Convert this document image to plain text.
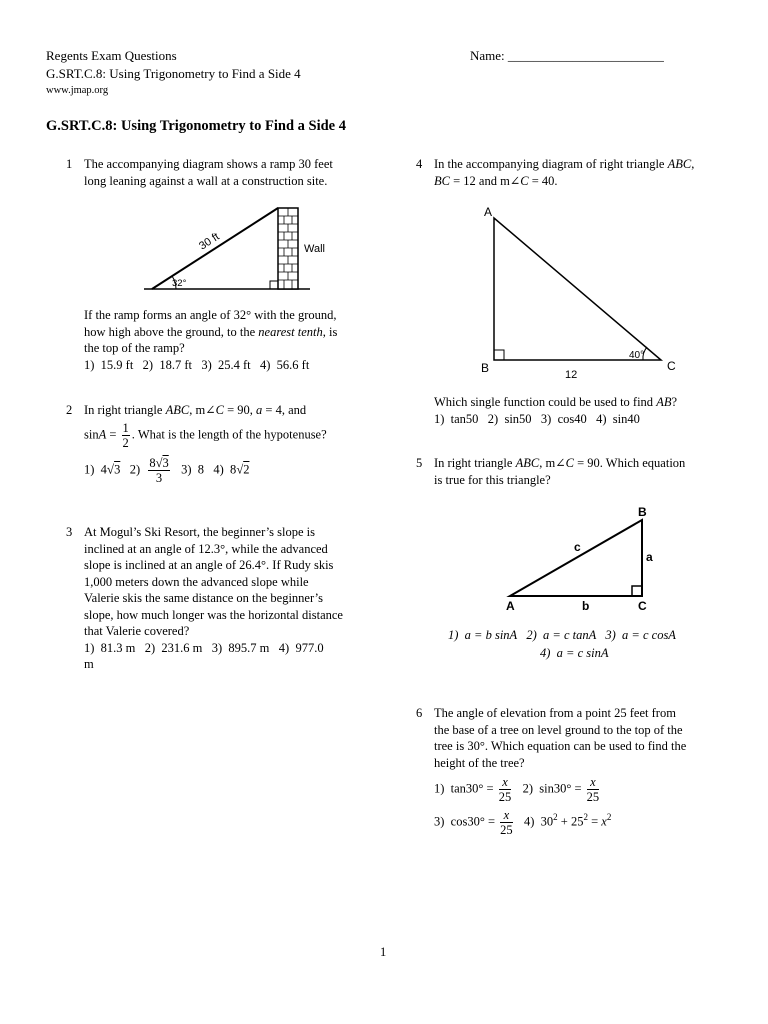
Regents Exam Questions
G.SRT.C.8: Using Trigonometry to Find a Side 4
www.jmap.org
Name: ________________________
G.SRT.C.8: Using Trigonometry to Find a Side 4
1 The accompanying diagram shows a ramp 30 feet

long leaning against a wall at a construction site.

30 ft	Wall
32°

If the ramp forms an angle of 32° with the ground,

how high above the ground, to the nearest tenth, is

the top of the ramp?

1)  15.9 ft   2)  18.7 ft   3)  25.4 ft   4)  56.6 ft

2 In right triangle ABC, m∠C = 90, a = 4, and

$\sin A = \frac{1}{2}$ . What is the length of the hypotenuse?

1)  4√3   $2) \frac{8√3}{3} 3$)  8   4)  8√2

3 At Mogul’s Ski Resort, the beginner’s slope is

inclined at an angle of 12.3°, while the advanced

slope is inclined at an angle of 26.4°. If Rudy skis

1,000 meters down the advanced slope while

Valerie skis the same distance on the beginner’s

slope, how much longer was the horizontal distance

that Valerie covered?

1)  81.3 m   2)  231.6 m   3)  895.7 m   4)  977.0

m

4 In the accompanying diagram of right triangle ABC,

BC = 12 and m∠C = 40.

A
B	C
12
40°

Which single function could be used to find AB?

1)  tan50   2)  sin50   3)  cos40   4)  sin40

5 In right triangle ABC, m∠C = 90. Which equation

is true for this triangle?

B
A	C
a
b
c
1)  a = b sinA   2)  a = c tanA   3)  a = c cosA
4)  a = c sinA
6 The angle of elevation from a point 25 feet from

the base of a tree on level ground to the top of the

tree is 30°. Which equation can be used to find the

height of the tree?

1)  $\tan 30^\circ = \frac{x}{25} 2$)  $\sin 30^\circ = \frac{x}{25}$

3)  $\cos 30^\circ = \frac{x}{25} 4$)  $30^2 + 25^2 = x^2$

1
